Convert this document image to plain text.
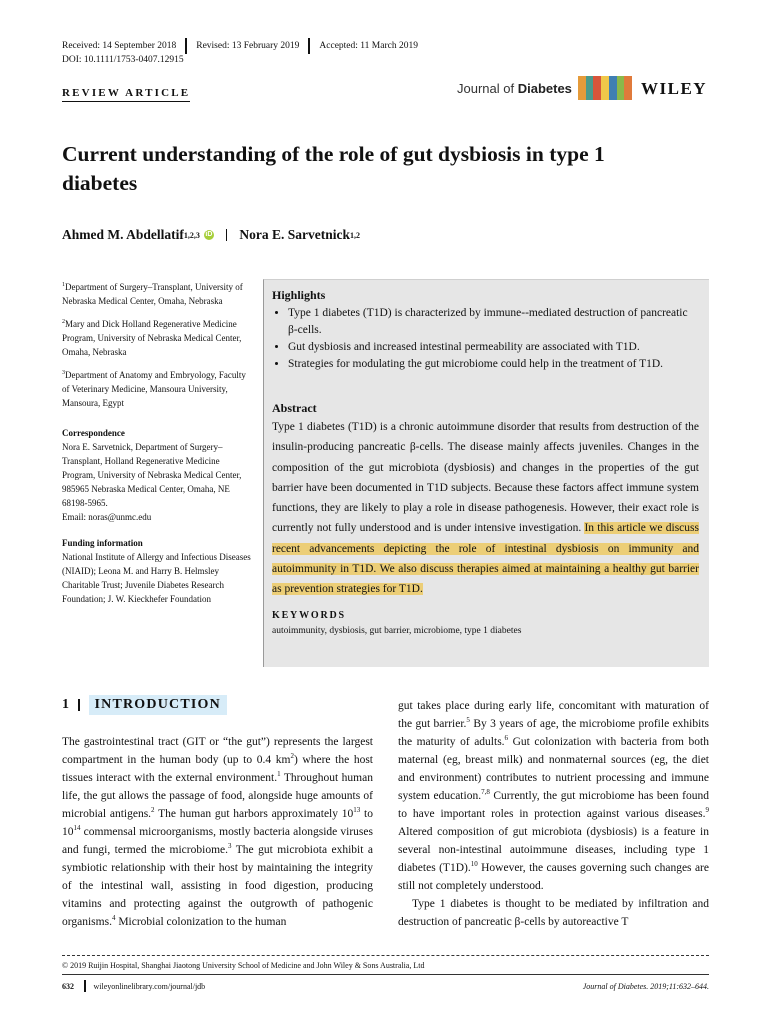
Received: 14 September 2018 Revised: 13 February 2019 Accepted: 11 March 2019
DOI: 10.1111/1753-0407.12915
REVIEW ARTICLE	Journal of Diabetes	WILEY
Current understanding of the role of gut dysbiosis in type 1 diabetes
Ahmed M. Abdellatif 1,2,3 iD Nora E. Sarvetnick 1,2

$^1$Department of Surgery–Transplant, University of Nebraska Medical Center, Omaha, Nebraska

$^2$Mary and Dick Holland Regenerative Medicine Program, University of Nebraska Medical Center, Omaha, Nebraska

$^3$Department of Anatomy and Embryology, Faculty of Veterinary Medicine, Mansoura University, Mansoura, Egypt

Correspondence

Nora E. Sarvetnick, Department of Surgery–Transplant, Holland Regenerative Medicine Program, University of Nebraska Medical Center, 985965 Nebraska Medical Center, Omaha, NE 68198-5965.

Email: noras@unmc.edu

Funding information

National Institute of Allergy and Infectious Diseases (NIAID); Leona M. and Harry B. Helmsley Charitable Trust; Juvenile Diabetes Research Foundation; J. W. Kieckhefer Foundation

Highlights
• Type 1 diabetes (T1D) is characterized by immune--mediated destruction of pancreatic β-cells.
• Gut dysbiosis and increased intestinal permeability are associated with T1D.
• Strategies for modulating the gut microbiome could help in the treatment of T1D.
Abstract
Type 1 diabetes (T1D) is a chronic autoimmune disorder that results from destruction of the insulin-producing pancreatic β-cells. The disease mainly affects juveniles. Changes in the composition of the gut microbiota (dysbiosis) and changes in the properties of the gut barrier have been documented in T1D subjects. Because these factors affect immune system functions, they are likely to play a role in disease pathogenesis. However, their exact role is currently not fully understood and is under intensive investigation. In this article we discuss recent advancements depicting the role of intestinal dysbiosis on immunity and autoimmunity in T1D. We also discuss therapies aimed at maintaining a healthy gut barrier as prevention strategies for T1D.
KEYWORDS
autoimmunity, dysbiosis, gut barrier, microbiome, type 1 diabetes
1	INTRODUCTION

The gastrointestinal tract (GIT or “the gut”) represents the largest compartment in the human body (up to 0.4 $km^2$) where the host tissues interact with the external environment.$^1$ Throughout human life, the gut allows the passage of food, alongside huge amounts of microbial antigens.$^2$ The human gut harbors approximately $10^{13}$ to $10^{14}$ commensal microorganisms, mostly bacteria alongside viruses and fungi, termed the microbiome.$^3$ The gut microbiota exhibit a symbiotic relationship with their host by maintaining the integrity of the intestinal wall, assisting in food digestion, producing vitamins and protecting against the outgrowth of pathogenic organisms.$^4$ Microbial colonization to the human

gut takes place during early life, concomitant with maturation of the gut barrier.$^5$ By 3 years of age, the microbiome profile exhibits the maturity of adults.$^6$ Gut colonization with bacteria from both maternal (eg, breast milk) and nonmaternal sources (eg, the diet and environment) contributes to nutrient processing and immune system education.$^{7,8}$ Currently, the gut microbiome has been found to have important roles in protection against various diseases.$^9$ Altered composition of gut microbiota (dysbiosis) is a feature in several non-intestinal autoimmune diseases, including type 1 diabetes (T1D).$^{10}$ However, the causes governing such changes are still not completely understood.

Type 1 diabetes is thought to be mediated by infiltration and destruction of pancreatic β-cells by autoreactive T

© 2019 Ruijin Hospital, Shanghai Jiaotong University School of Medicine and John Wiley & Sons Australia, Ltd
632 wileyonlinelibrary.com/journal/jdb	Journal of Diabetes. 2019;11:632–644.
